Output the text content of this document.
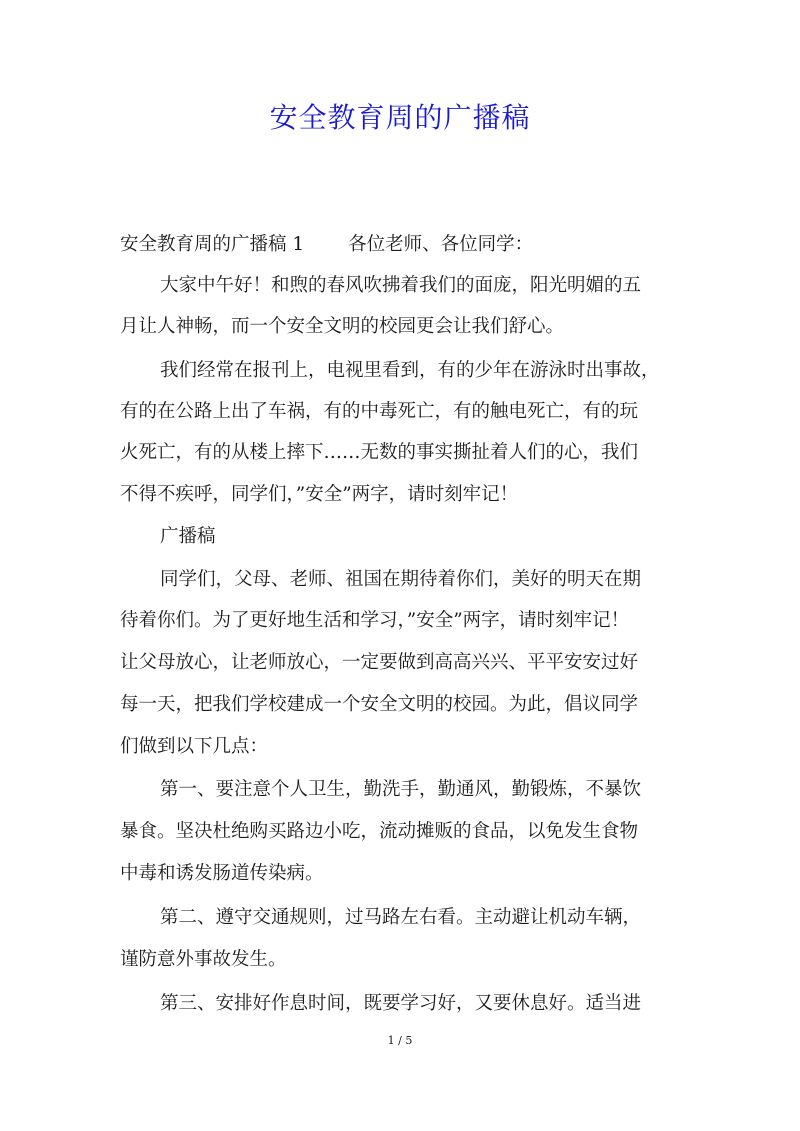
安全教育周的广播稿
安全教育周的广播稿 1 各位老师、各位同学：
大家中午好！和煦的春风吹拂着我们的面庞，阳光明媚的五
月让人神畅，而一个安全文明的校园更会让我们舒心。
我们经常在报刊上，电视里看到，有的少年在游泳时出事故，
有的在公路上出了车祸，有的中毒死亡，有的触电死亡，有的玩
火死亡，有的从楼上摔下……无数的事实撕扯着人们的心，我们
不得不疾呼，同学们，”安全”两字，请时刻牢记！
广播稿
同学们，父母、老师、祖国在期待着你们，美好的明天在期
待着你们。为了更好地生活和学习，”安全”两字，请时刻牢记！
让父母放心，让老师放心，一定要做到高高兴兴、平平安安过好
每一天，把我们学校建成一个安全文明的校园。为此，倡议同学
们做到以下几点：
第一、要注意个人卫生，勤洗手，勤通风，勤锻炼，不暴饮
暴食。坚决杜绝购买路边小吃，流动摊贩的食品，以免发生食物
中毒和诱发肠道传染病。
第二、遵守交通规则，过马路左右看。主动避让机动车辆，
谨防意外事故发生。
第三、安排好作息时间，既要学习好，又要休息好。适当进
1 / 5
